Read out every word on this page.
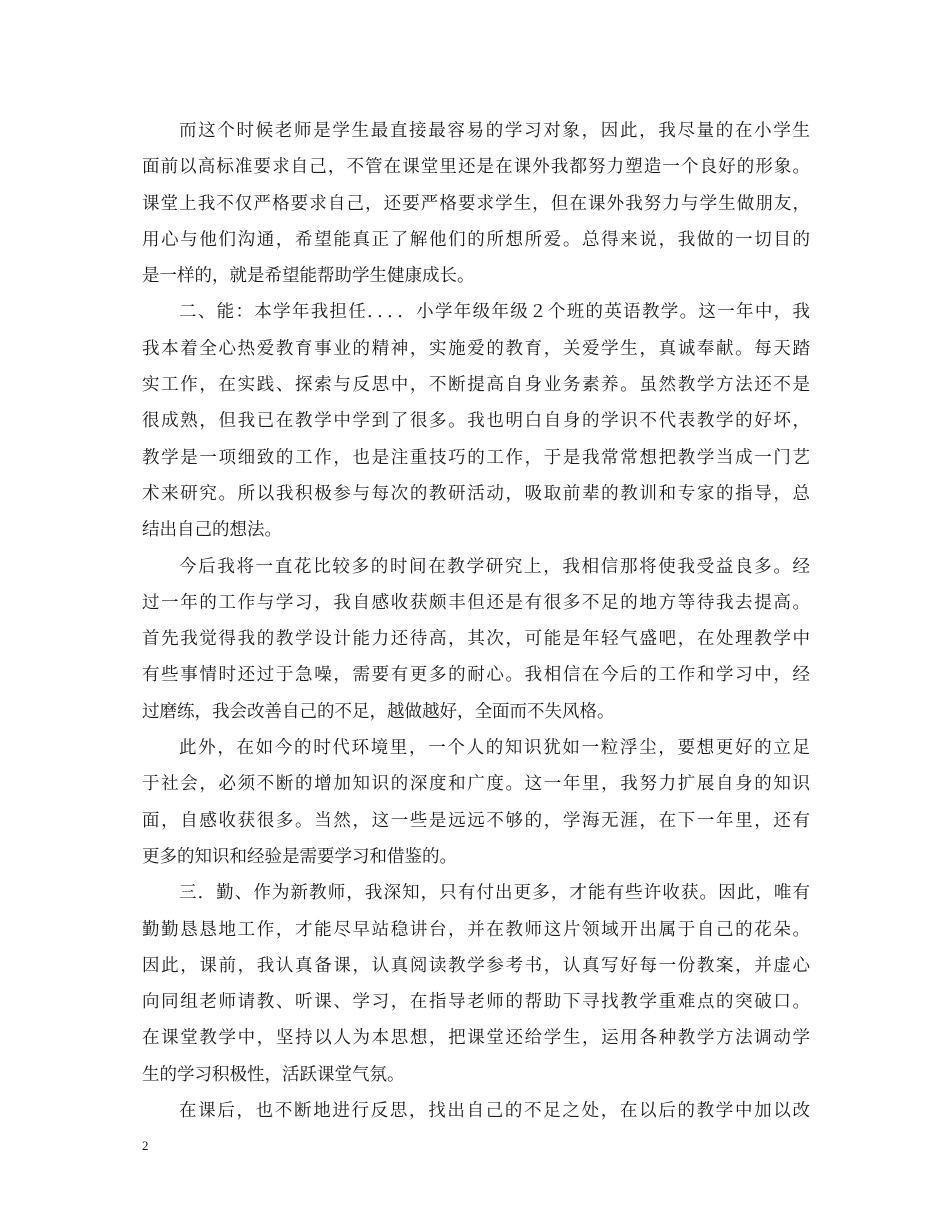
而这个时候老师是学生最直接最容易的学习对象，因此，我尽量的在小学生
面前以高标准要求自己，不管在课堂里还是在课外我都努力塑造一个良好的形象。
课堂上我不仅严格要求自己，还要严格要求学生，但在课外我努力与学生做朋友，
用心与他们沟通，希望能真正了解他们的所想所爱。总得来说，我做的一切目的
是一样的，就是希望能帮助学生健康成长。
二、能：本学年我担任．．．．小学年级年级２个班的英语教学。这一年中，我
我本着全心热爱教育事业的精神，实施爱的教育，关爱学生，真诚奉献。每天踏
实工作，在实践、探索与反思中，不断提高自身业务素养。虽然教学方法还不是
很成熟，但我已在教学中学到了很多。我也明白自身的学识不代表教学的好坏，
教学是一项细致的工作，也是注重技巧的工作，于是我常常想把教学当成一门艺
术来研究。所以我积极参与每次的教研活动，吸取前辈的教训和专家的指导，总
结出自己的想法。
今后我将一直花比较多的时间在教学研究上，我相信那将使我受益良多。经
过一年的工作与学习，我自感收获颇丰但还是有很多不足的地方等待我去提高。
首先我觉得我的教学设计能力还待高，其次，可能是年轻气盛吧，在处理教学中
有些事情时还过于急噪，需要有更多的耐心。我相信在今后的工作和学习中，经
过磨练，我会改善自己的不足，越做越好，全面而不失风格。
此外，在如今的时代环境里，一个人的知识犹如一粒浮尘，要想更好的立足
于社会，必须不断的增加知识的深度和广度。这一年里，我努力扩展自身的知识
面，自感收获很多。当然，这一些是远远不够的，学海无涯，在下一年里，还有
更多的知识和经验是需要学习和借鉴的。
三．勤、作为新教师，我深知，只有付出更多，才能有些许收获。因此，唯有
勤勤恳恳地工作，才能尽早站稳讲台，并在教师这片领域开出属于自己的花朵。
因此，课前，我认真备课，认真阅读教学参考书，认真写好每一份教案，并虚心
向同组老师请教、听课、学习，在指导老师的帮助下寻找教学重难点的突破口。
在课堂教学中，坚持以人为本思想，把课堂还给学生，运用各种教学方法调动学
生的学习积极性，活跃课堂气氛。
在课后，也不断地进行反思，找出自己的不足之处，在以后的教学中加以改
2
